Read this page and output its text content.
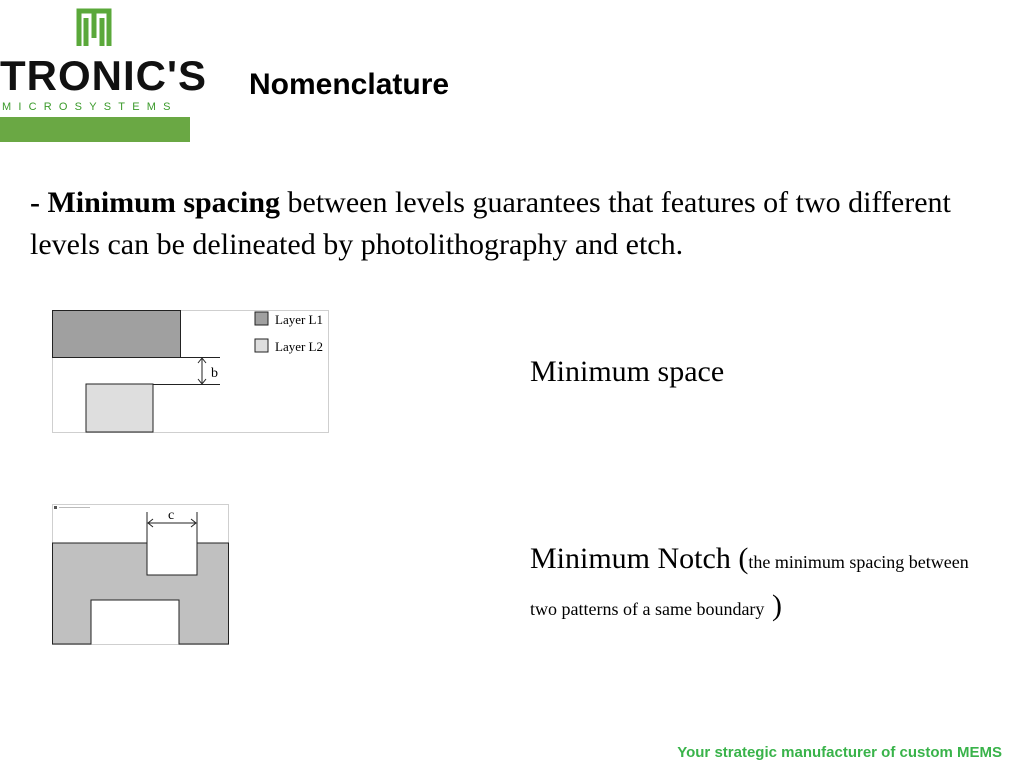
TRONIC'S
MICROSYSTEMS
Nomenclature
- Minimum spacing between levels guarantees that features of two different levels can be delineated by photolithography and etch.
b
Layer L1
Layer L2
Minimum space
c
Minimum Notch (the minimum spacing between two patterns of a same boundary )
Your strategic manufacturer of custom MEMS
